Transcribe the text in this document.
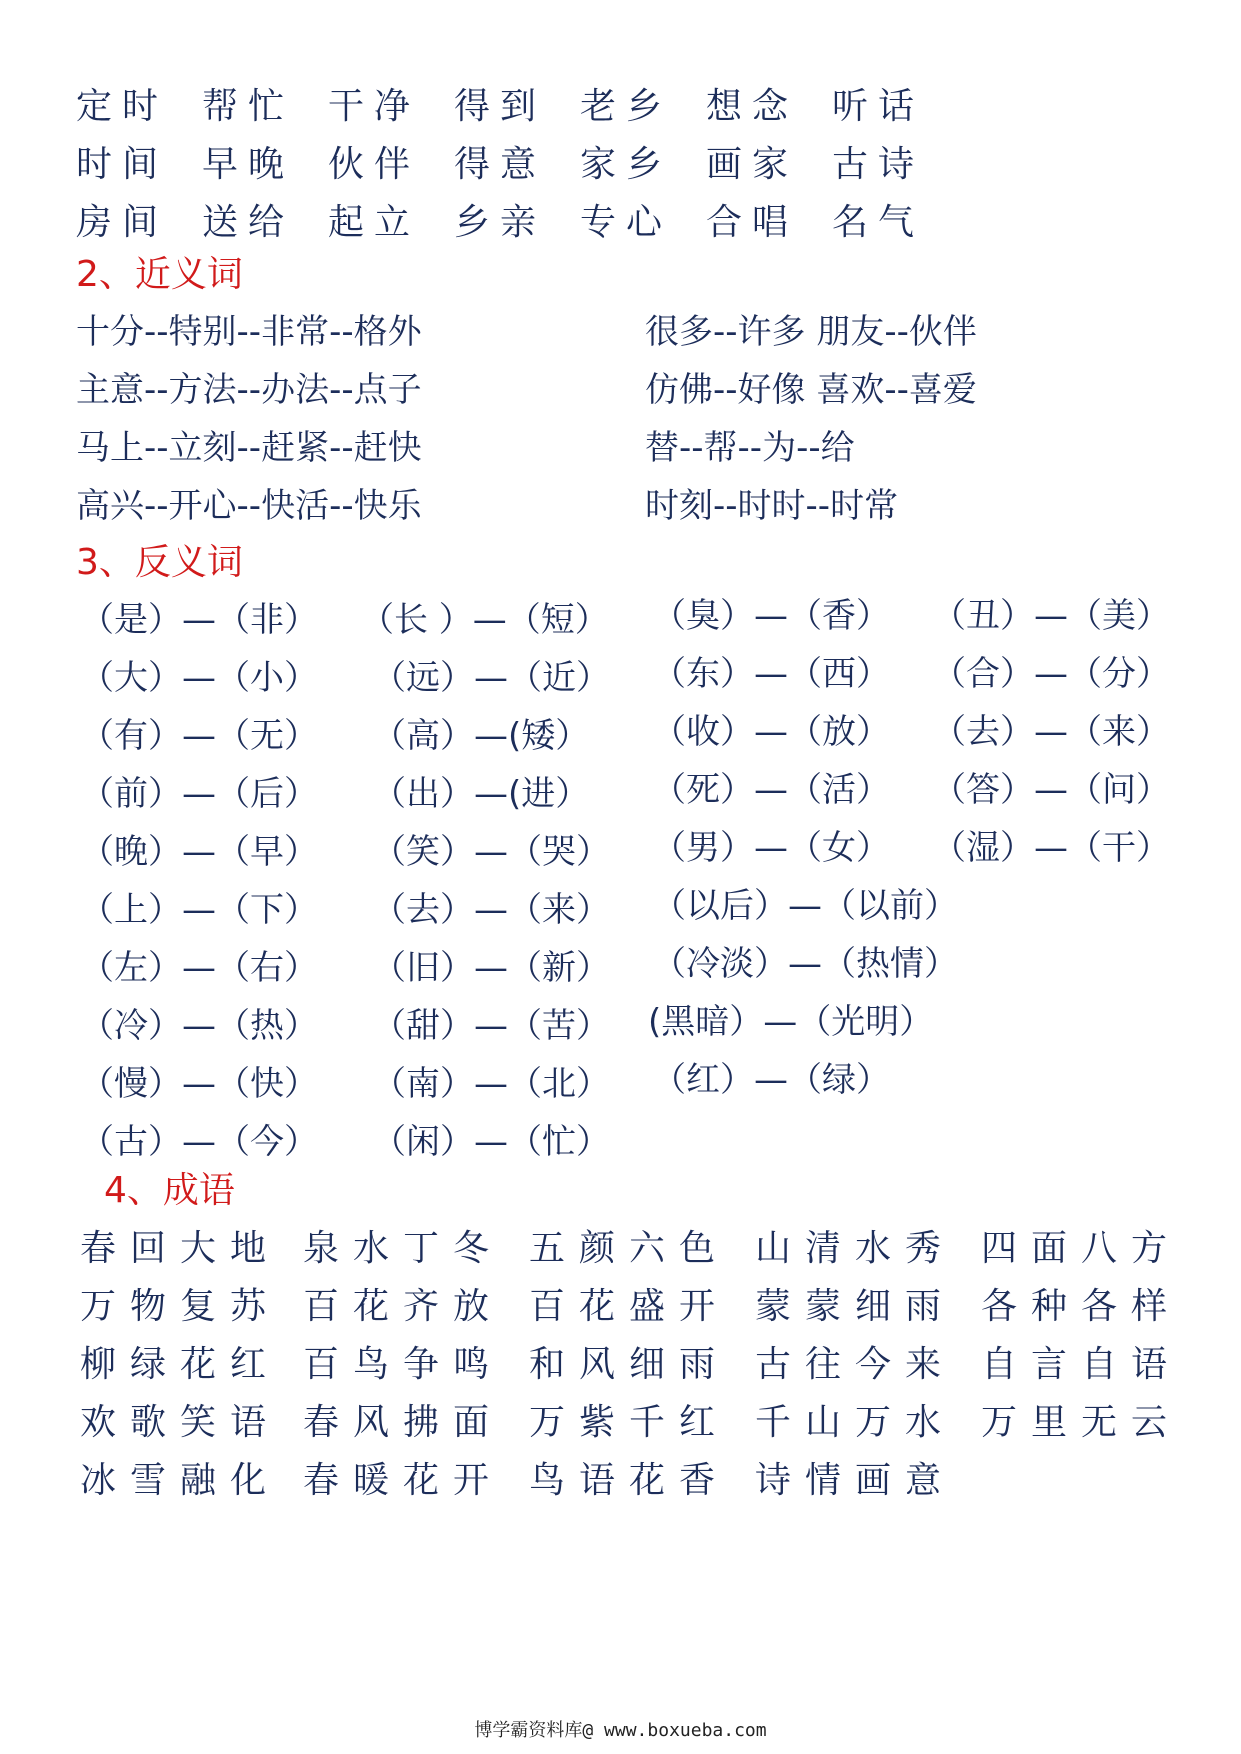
定时 帮忙 干净 得到 老乡 想念 听话
时间 早晚 伙伴 得意 家乡 画家 古诗
房间 送给 起立 乡亲 专心 合唱 名气
2、近义词
十分--特别--非常--格外
主意--方法--办法--点子
马上--立刻--赶紧--赶快
高兴--开心--快活--快乐
很多--许多 朋友--伙伴
仿佛--好像 喜欢--喜爱
替--帮--为--给
时刻--时时--时常
3、反义词
（是）—（非）
（大）—（小）
（有）—（无）
（前）—（后）
（晚）—（早）
（上）—（下）
（左）—（右）
（冷）—（热）
（慢）—（快）
（古）—（今）
（长 ）—（短）
（远）—（近）
（高）—(矮）
（出）—(进）
（笑）—（哭）
（去）—（来）
（旧）—（新）
（甜）—（苦）
（南）—（北）
（闲）—（忙）
（臭）—（香）
（东）—（西）
（收）—（放）
（死）—（活）
（男）—（女）
（以后）—（以前）
（冷淡）—（热情）
(黑暗）—（光明）
（红）—（绿）
（丑）—（美）
（合）—（分）
（去）—（来）
（答）—（问）
（湿）—（干）
4、成语
春回大地 泉水丁冬 五颜六色 山清水秀 四面八方
万物复苏 百花齐放 百花盛开 蒙蒙细雨 各种各样
柳绿花红 百鸟争鸣 和风细雨 古往今来 自言自语
欢歌笑语 春风拂面 万紫千红 千山万水 万里无云
冰雪融化 春暖花开 鸟语花香 诗情画意
博学霸资料库@ www.boxueba.com
